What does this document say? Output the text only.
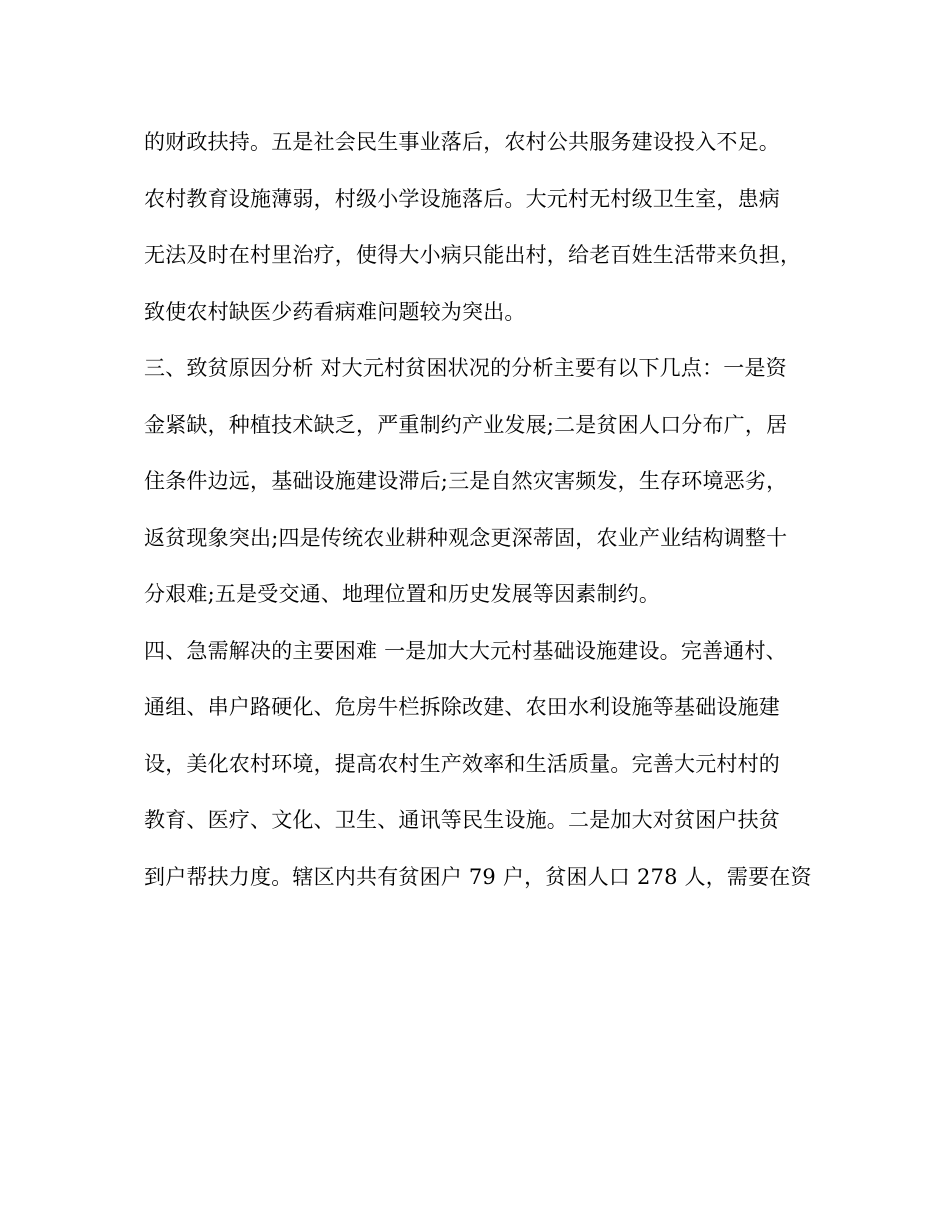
的财政扶持。五是社会民生事业落后，农村公共服务建设投入不足。
农村教育设施薄弱，村级小学设施落后。大元村无村级卫生室，患病
无法及时在村里治疗，使得大小病只能出村，给老百姓生活带来负担，
致使农村缺医少药看病难问题较为突出。
三、致贫原因分析 对大元村贫困状况的分析主要有以下几点：一是资
金紧缺，种植技术缺乏，严重制约产业发展;二是贫困人口分布广，居
住条件边远，基础设施建设滞后;三是自然灾害频发，生存环境恶劣，
返贫现象突出;四是传统农业耕种观念更深蒂固，农业产业结构调整十
分艰难;五是受交通、地理位置和历史发展等因素制约。
四、急需解决的主要困难 一是加大大元村基础设施建设。完善通村、
通组、串户路硬化、危房牛栏拆除改建、农田水利设施等基础设施建
设，美化农村环境，提高农村生产效率和生活质量。完善大元村村的
教育、医疗、文化、卫生、通讯等民生设施。二是加大对贫困户扶贫
到户帮扶力度。辖区内共有贫困户 79 户，贫困人口 278 人，需要在资
